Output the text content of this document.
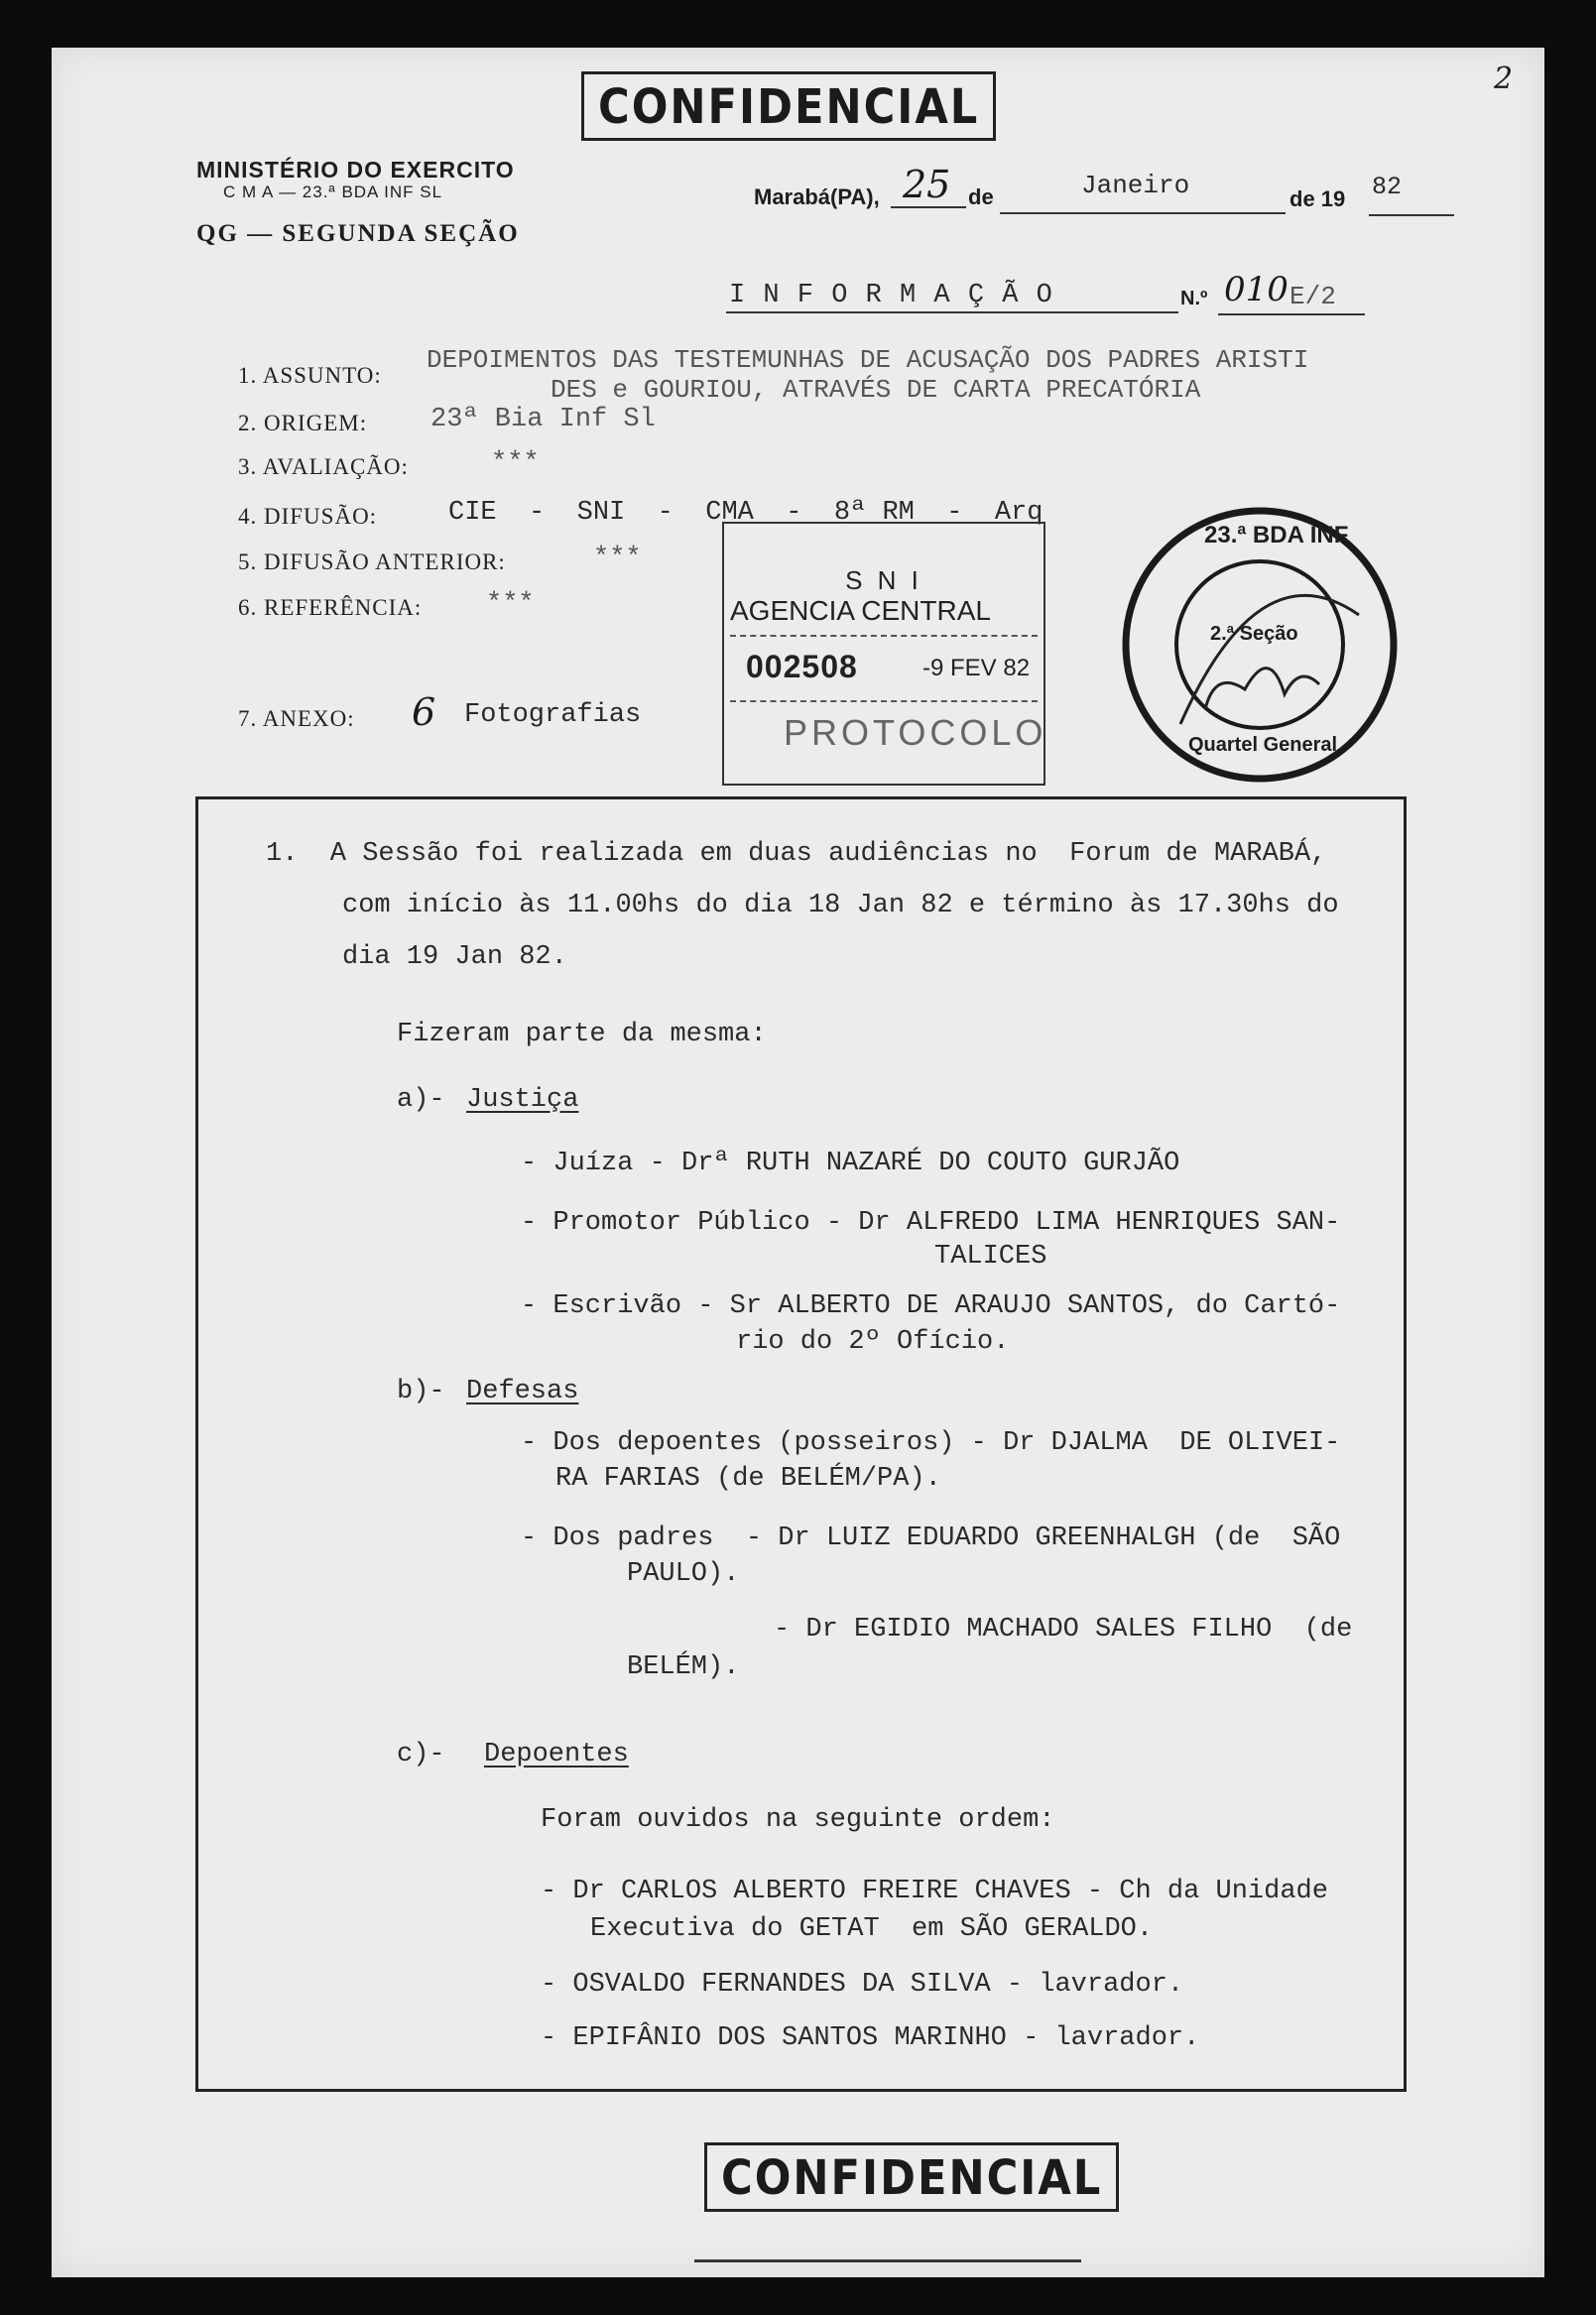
2
CONFIDENCIAL
MINISTÉRIO DO EXERCITO
C M A — 23.ª BDA INF SL
QG — SEGUNDA SEÇÃO
Marabá(PA), 25 de	Janeiro	de 19 82
I N F O R M A Ç Ã O	N.º 010 E/2
1. ASSUNTO:
DEPOIMENTOS DAS TESTEMUNHAS DE ACUSAÇÃO DOS PADRES ARISTI
DES e GOURIOU, ATRAVÉS DE CARTA PRECATÓRIA
2. ORIGEM: 23ª Bia Inf Sl
3. AVALIAÇÃO:	***
4. DIFUSÃO:	CIE  -  SNI  -  CMA  -  8ª RM  -  Arq
5. DIFUSÃO ANTERIOR:	***
6. REFERÊNCIA: ***
7. ANEXO: 6 Fotografias
S N I
AGENCIA CENTRAL
002508	-9 FEV 82
PROTOCOLO
23.ª BDA INF
2.ª Seção
Quartel General
1.  A Sessão foi realizada em duas audiências no  Forum de MARABÁ,
com início às 11.00hs do dia 18 Jan 82 e término às 17.30hs do
dia 19 Jan 82.
Fizeram parte da mesma:
a)- Justiça
- Juíza - Drª RUTH NAZARÉ DO COUTO GURJÃO
- Promotor Público - Dr ALFREDO LIMA HENRIQUES SAN-
TALICES
- Escrivão - Sr ALBERTO DE ARAUJO SANTOS, do Cartó-
rio do 2º Ofício.
b)- Defesas
- Dos depoentes (posseiros) - Dr DJALMA  DE OLIVEI-
RA FARIAS (de BELÉM/PA).
- Dos padres  - Dr LUIZ EDUARDO GREENHALGH (de  SÃO
PAULO).
- Dr EGIDIO MACHADO SALES FILHO  (de
BELÉM).
c)- Depoentes
Foram ouvidos na seguinte ordem:
- Dr CARLOS ALBERTO FREIRE CHAVES - Ch da Unidade
Executiva do GETAT  em SÃO GERALDO.
- OSVALDO FERNANDES DA SILVA - lavrador.
- EPIFÂNIO DOS SANTOS MARINHO - lavrador.
CONFIDENCIAL
